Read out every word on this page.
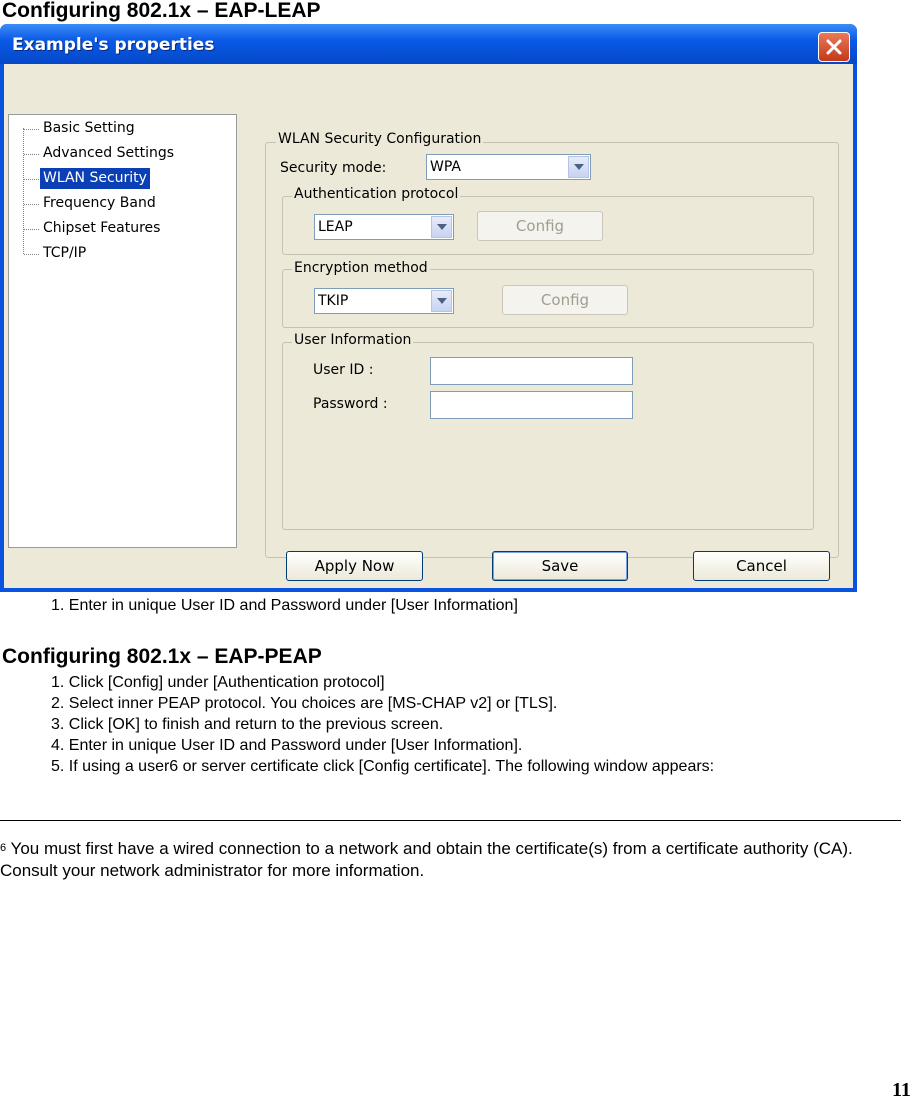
Configuring 802.1x – EAP-LEAP
Example's properties
Basic Setting
Advanced Settings
WLAN Security
Frequency Band
Chipset Features
TCP/IP
WLAN Security Configuration
Security mode:	WPA
Authentication protocol
LEAP	Config
Encryption method
TKIP	Config
User Information
User ID :
Password :
Apply Now	Save	Cancel
1. Enter in unique User ID and Password under [User Information]
Configuring 802.1x – EAP-PEAP
1. Click [Config] under [Authentication protocol]
2. Select inner PEAP protocol. You choices are [MS-CHAP v2] or [TLS].
3. Click [OK] to finish and return to the previous screen.
4. Enter in unique User ID and Password under [User Information].
5. If using a user6 or server certificate click [Config certificate]. The following window appears:
$^6$ You must first have a wired connection to a network and obtain the certificate(s) from a certificate authority (CA). Consult your network administrator for more information.
11
